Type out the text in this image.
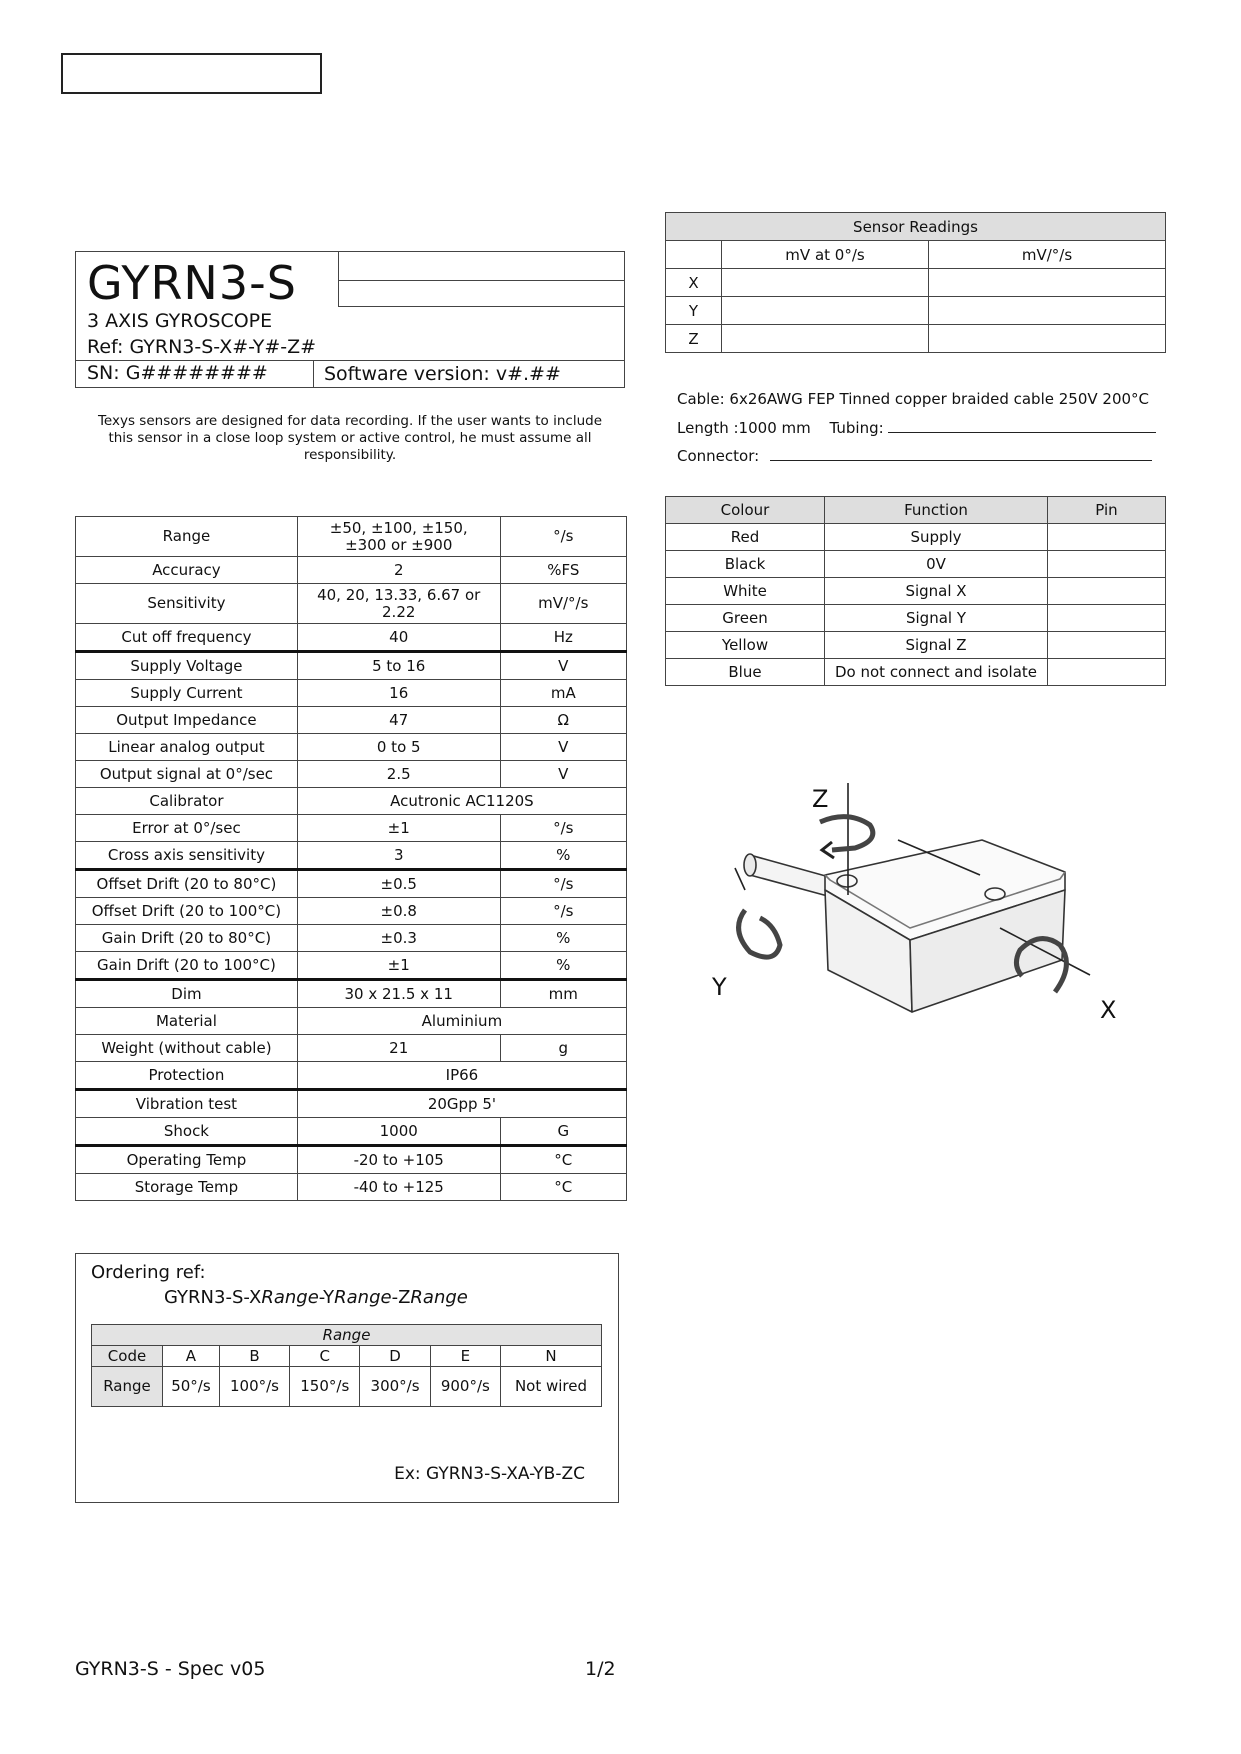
GYRN3-S
3 AXIS GYROSCOPE
Ref: GYRN3-S-X#-Y#-Z#
SN: G########	Software version: v#.##
Texys sensors are designed for data recording. If the user wants to include this sensor in a close loop system or active control, he must assume all responsibility.
Range	±50, ±100, ±150, ±300 or ±900	°/s
Accuracy	2	%FS
Sensitivity	40, 20, 13.33, 6.67 or 2.22	mV/°/s
Cut off frequency	40	Hz
Supply Voltage	5 to 16	V
Supply Current	16	mA
Output Impedance	47	Ω
Linear analog output	0 to 5	V
Output signal at 0°/sec	2.5	V
Calibrator	Acutronic AC1120S	
Error at 0°/sec	±1	°/s
Cross axis sensitivity	3	%
Offset Drift (20 to 80°C)	±0.5	°/s
Offset Drift (20 to 100°C)	±0.8	°/s
Gain Drift (20 to 80°C)	±0.3	%
Gain Drift (20 to 100°C)	±1	%
Dim	30 x 21.5 x 11	mm
Material	Aluminium	
Weight (without cable)	21	g
Protection	IP66	
Vibration test	20Gpp 5'	
Shock	1000	G
Operating Temp	-20 to +105	°C
Storage Temp	-40 to +125	°C
Ordering ref:
GYRN3-S-XRange-YRange-ZRange
Range						
Code	A	B	C	D	E	N
Range	50°/s	100°/s	150°/s	300°/s	900°/s	Not wired
Ex: GYRN3-S-XA-YB-ZC
Sensor Readings		
	mV at 0°/s	mV/°/s
X		
Y		
Z		
Cable: 6x26AWG FEP Tinned copper braided cable 250V 200°C
Length :1000 mm Tubing:
Connector:
Colour	Function	Pin
Red	Supply	
Black	0V	
White	Signal X	
Green	Signal Y	
Yellow	Signal Z	
Blue	Do not connect and isolate	
Z
Y
X
GYRN3-S - Spec v05	1/2
